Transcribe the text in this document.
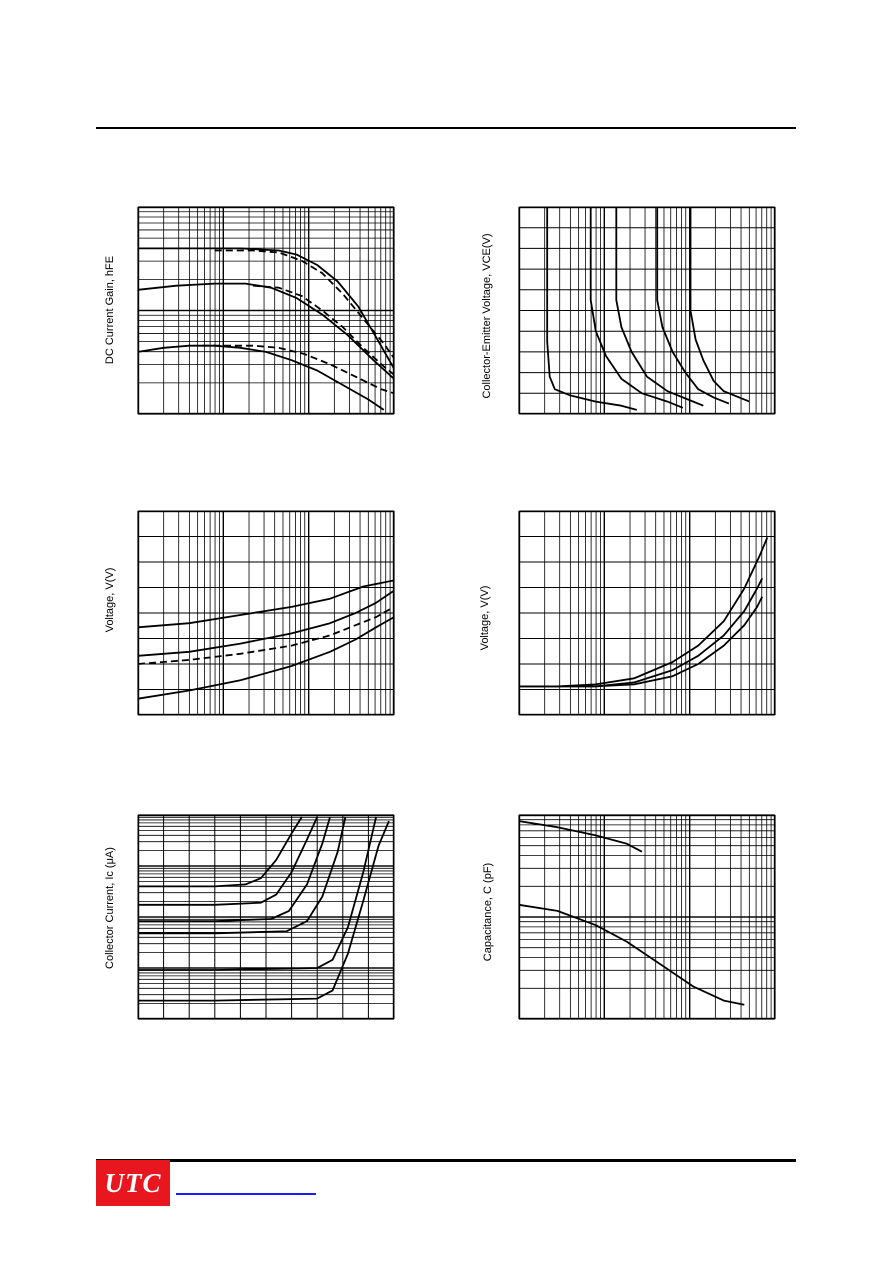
DC Current Gain, hFE	Collector-Emitter Voltage, VCE(V)
Voltage, V(V)	Voltage, V(V)
Collector Current, Ic (μA)	Capacitance, C (pF)
UTC
